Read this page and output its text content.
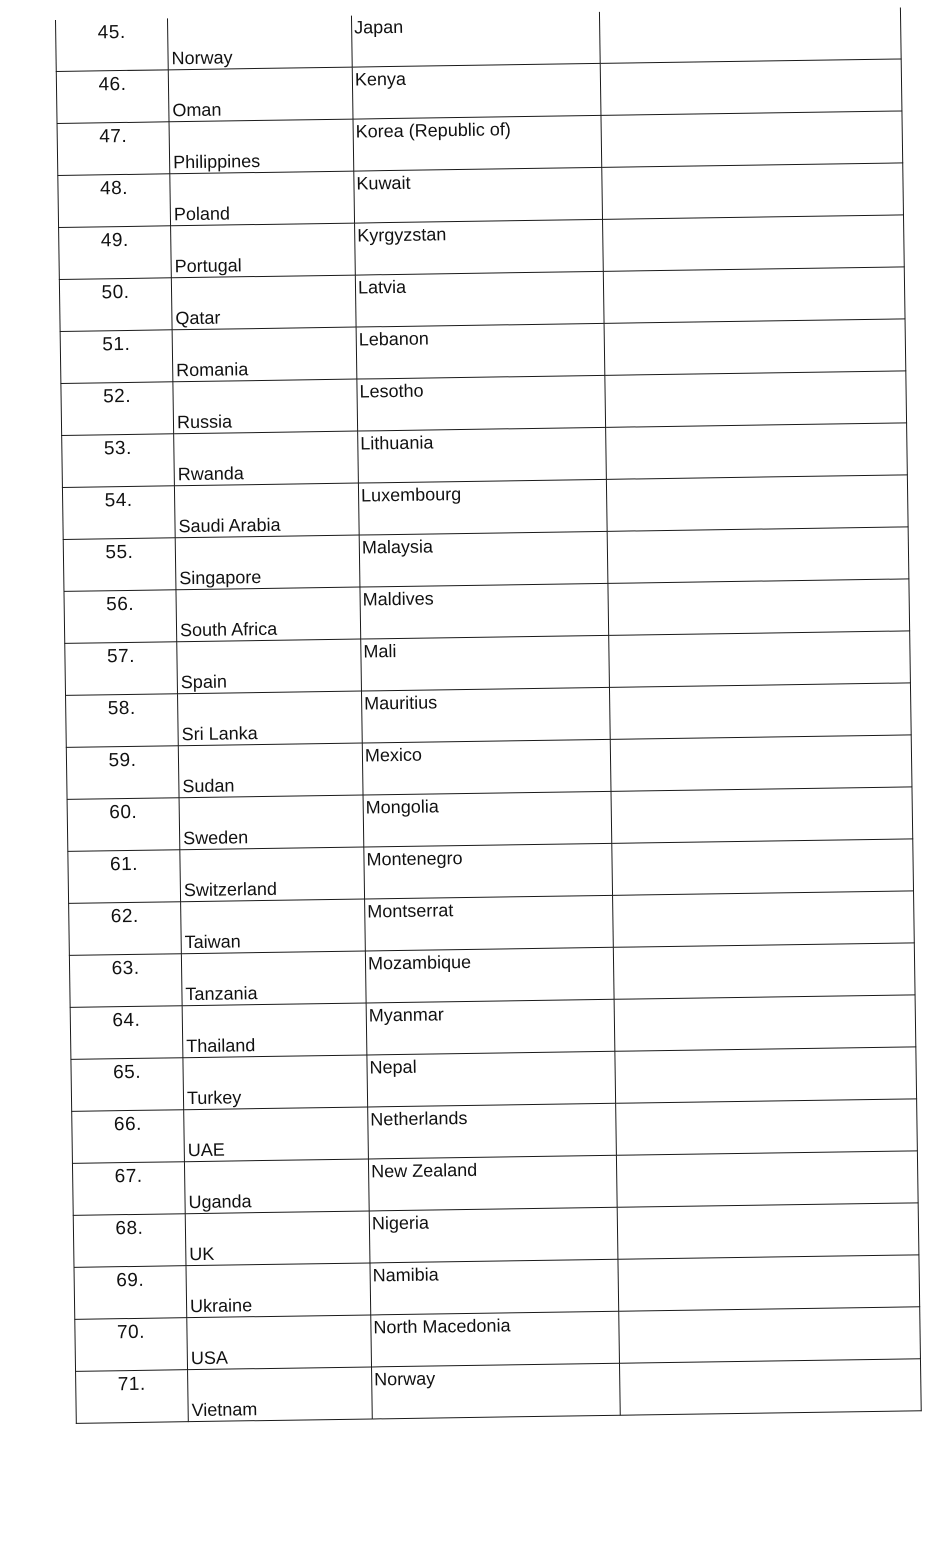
45.	Norway	Japan	

46.	Oman	Kenya	

47.	Philippines	Korea (Republic of)	

48.	Poland	Kuwait	

49.	Portugal	Kyrgyzstan	

50.	Qatar	Latvia	

51.	Romania	Lebanon	

52.	Russia	Lesotho	

53.	Rwanda	Lithuania	

54.	Saudi Arabia	Luxembourg	

55.	Singapore	Malaysia	

56.	South Africa	Maldives	

57.	Spain	Mali	

58.	Sri Lanka	Mauritius	

59.	Sudan	Mexico	

60.	Sweden	Mongolia	

61.	Switzerland	Montenegro	

62.	Taiwan	Montserrat	

63.	Tanzania	Mozambique	

64.	Thailand	Myanmar	

65.	Turkey	Nepal	

66.	UAE	Netherlands	

67.	Uganda	New Zealand	

68.	UK	Nigeria	

69.	Ukraine	Namibia	

70.	USA	North Macedonia	

71.	Vietnam	Norway	
